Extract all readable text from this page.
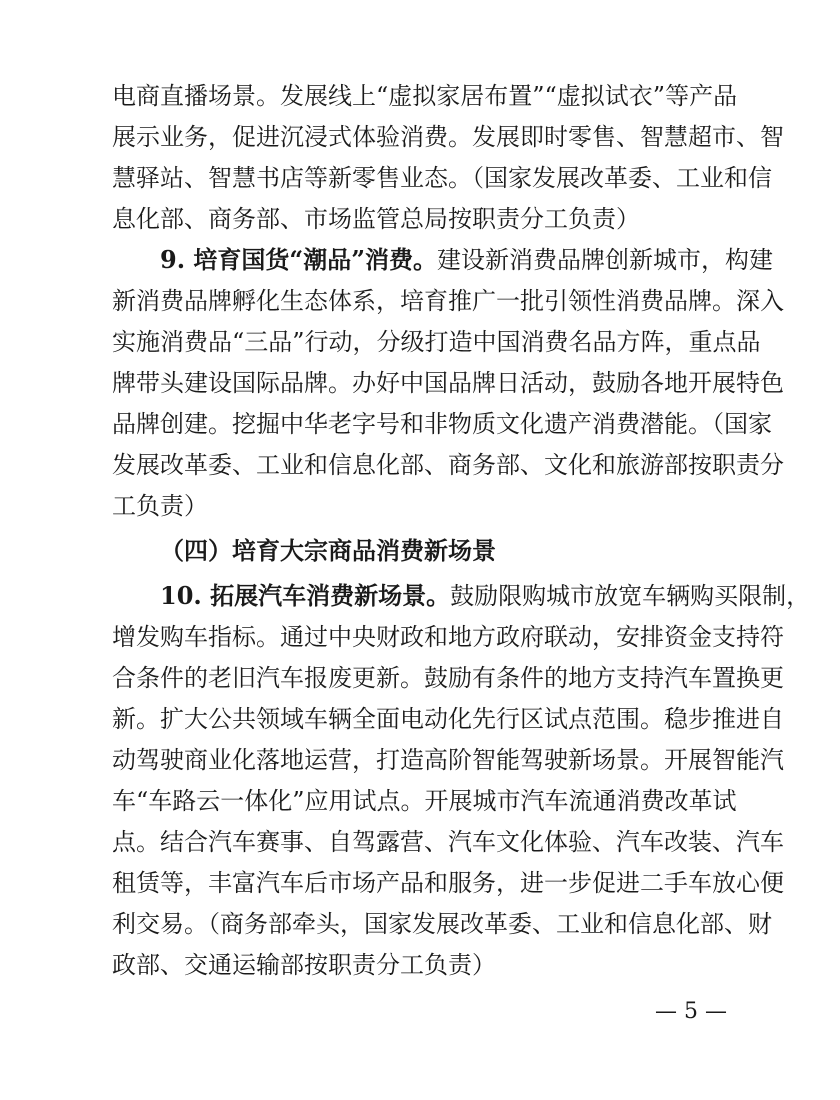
电商直播场景。发展线上“虚拟家居布置”“虚拟试衣”等产品
展示业务，促进沉浸式体验消费。发展即时零售、智慧超市、智
慧驿站、智慧书店等新零售业态。（国家发展改革委、工业和信
息化部、商务部、市场监管总局按职责分工负责）
9. 培育国货“潮品”消费。建设新消费品牌创新城市，构建
新消费品牌孵化生态体系，培育推广一批引领性消费品牌。深入
实施消费品“三品”行动，分级打造中国消费名品方阵，重点品
牌带头建设国际品牌。办好中国品牌日活动，鼓励各地开展特色
品牌创建。挖掘中华老字号和非物质文化遗产消费潜能。（国家
发展改革委、工业和信息化部、商务部、文化和旅游部按职责分
工负责）
（四）培育大宗商品消费新场景
10. 拓展汽车消费新场景。鼓励限购城市放宽车辆购买限制，
增发购车指标。通过中央财政和地方政府联动，安排资金支持符
合条件的老旧汽车报废更新。鼓励有条件的地方支持汽车置换更
新。扩大公共领域车辆全面电动化先行区试点范围。稳步推进自
动驾驶商业化落地运营，打造高阶智能驾驶新场景。开展智能汽
车“车路云一体化”应用试点。开展城市汽车流通消费改革试
点。结合汽车赛事、自驾露营、汽车文化体验、汽车改装、汽车
租赁等，丰富汽车后市场产品和服务，进一步促进二手车放心便
利交易。（商务部牵头，国家发展改革委、工业和信息化部、财
政部、交通运输部按职责分工负责）
— 5 —
